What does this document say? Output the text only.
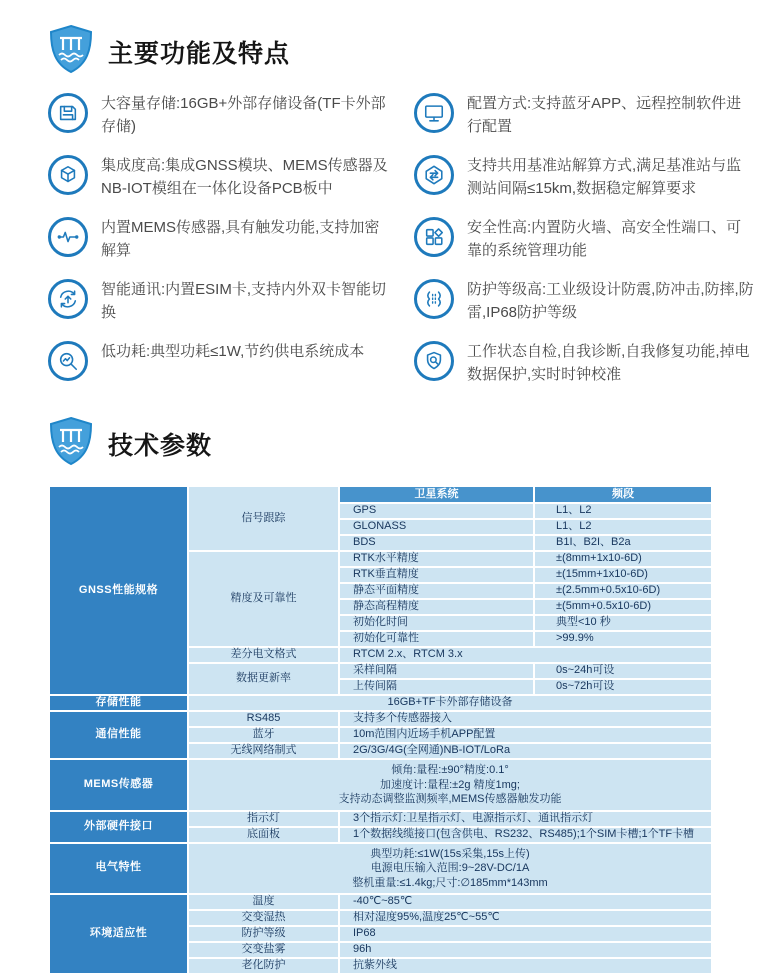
主要功能及特点

大容量存储:16GB+外部存储设备(TF卡外部存储)

集成度高:集成GNSS模块、MEMS传感器及NB-IOT模组在一体化设备PCB板中

内置MEMS传感器,具有触发功能,支持加密解算

智能通讯:内置ESIM卡,支持内外双卡智能切换

低功耗:典型功耗≤1W,节约供电系统成本

配置方式:支持蓝牙APP、远程控制软件进行配置

支持共用基准站解算方式,满足基准站与监测站间隔≤15km,数据稳定解算要求

安全性高:内置防火墙、高安全性端口、可靠的系统管理功能

防护等级高:工业级设计防震,防冲击,防摔,防雷,IP68防护等级

工作状态自检,自我诊断,自我修复功能,掉电数据保护,实时时钟校准

技术参数
GNSS性能规格	信号跟踪	卫星系统	频段
		GPS	L1、L2
		GLONASS	L1、L2
		BDS	B1I、B2I、B2a
	精度及可靠性	RTK水平精度	±(8mm+1x10-6D)
		RTK垂直精度	±(15mm+1x10-6D)
		静态平面精度	±(2.5mm+0.5x10-6D)
		静态高程精度	±(5mm+0.5x10-6D)
		初始化时间	典型<10 秒
		初始化可靠性	>99.9%
	差分电文格式	RTCM 2.x、RTCM 3.x	
	数据更新率	采样间隔	0s~24h可设
		上传间隔	0s~72h可设
存储性能	16GB+TF卡外部存储设备		
通信性能	RS485	支持多个传感器接入	
	蓝牙	10m范围内近场手机APP配置	
	无线网络制式	2G/3G/4G(全网通)NB-IOT/LoRa	
MEMS传感器	倾角:量程:±90°精度:0.1°
加速度计:量程:±2g 精度1mg;
支持动态调整监测频率,MEMS传感器触发功能		

外部硬件接口	指示灯	3个指示灯:卫星指示灯、电源指示灯、通讯指示灯	
	底面板	1个数据线缆接口(包含供电、RS232、RS485);1个SIM卡槽;1个TF卡槽	
电气特性	典型功耗:≤1W(15s采集,15s上传)
电源电压输入范围:9~28V-DC/1A
整机重量:≤1.4kg;尺寸:∅185mm*143mm		

环境适应性	温度	-40℃~85℃	
	交变湿热	相对湿度95%,温度25℃~55℃	
	防护等级	IP68	
	交变盐雾	96h	
	老化防护	抗紫外线	
